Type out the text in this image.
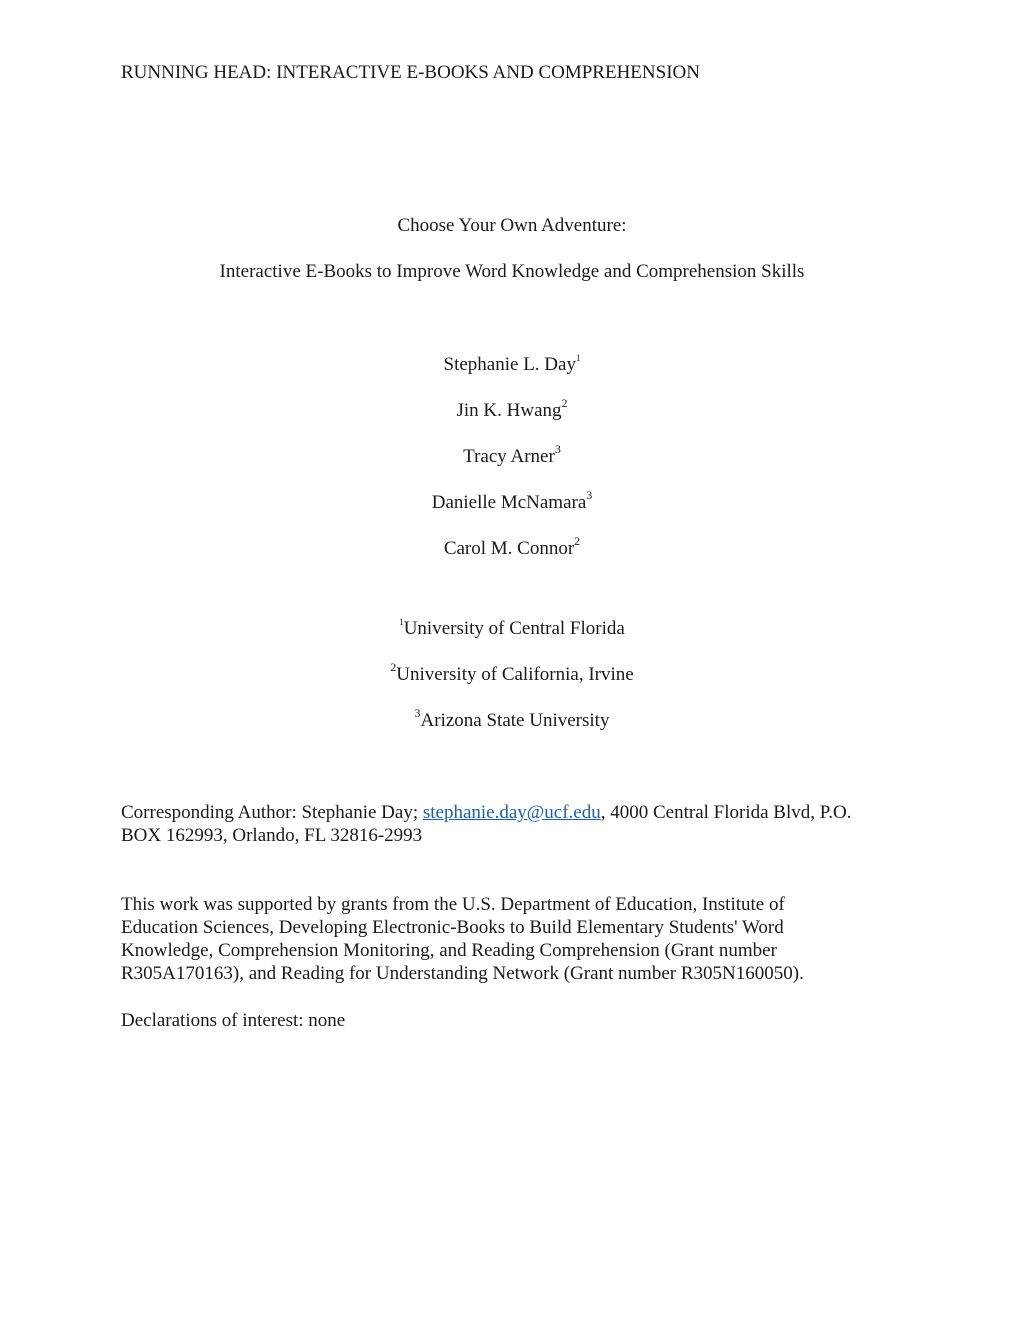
RUNNING HEAD: INTERACTIVE E-BOOKS AND COMPREHENSION
Choose Your Own Adventure:
Interactive E-Books to Improve Word Knowledge and Comprehension Skills
Stephanie L. Day$^1$
Jin K. Hwang$^2$
Tracy Arner$^3$
Danielle McNamara$^3$
Carol M. Connor$^2$
$^1$University of Central Florida
$^2$University of California, Irvine
$^3$Arizona State University
Corresponding Author: Stephanie Day; stephanie.day@ucf.edu, 4000 Central Florida Blvd, P.O.
BOX 162993, Orlando, FL 32816-2993
This work was supported by grants from the U.S. Department of Education, Institute of
Education Sciences, Developing Electronic-Books to Build Elementary Students' Word
Knowledge, Comprehension Monitoring, and Reading Comprehension (Grant number
R305A170163), and Reading for Understanding Network (Grant number R305N160050).
Declarations of interest: none
